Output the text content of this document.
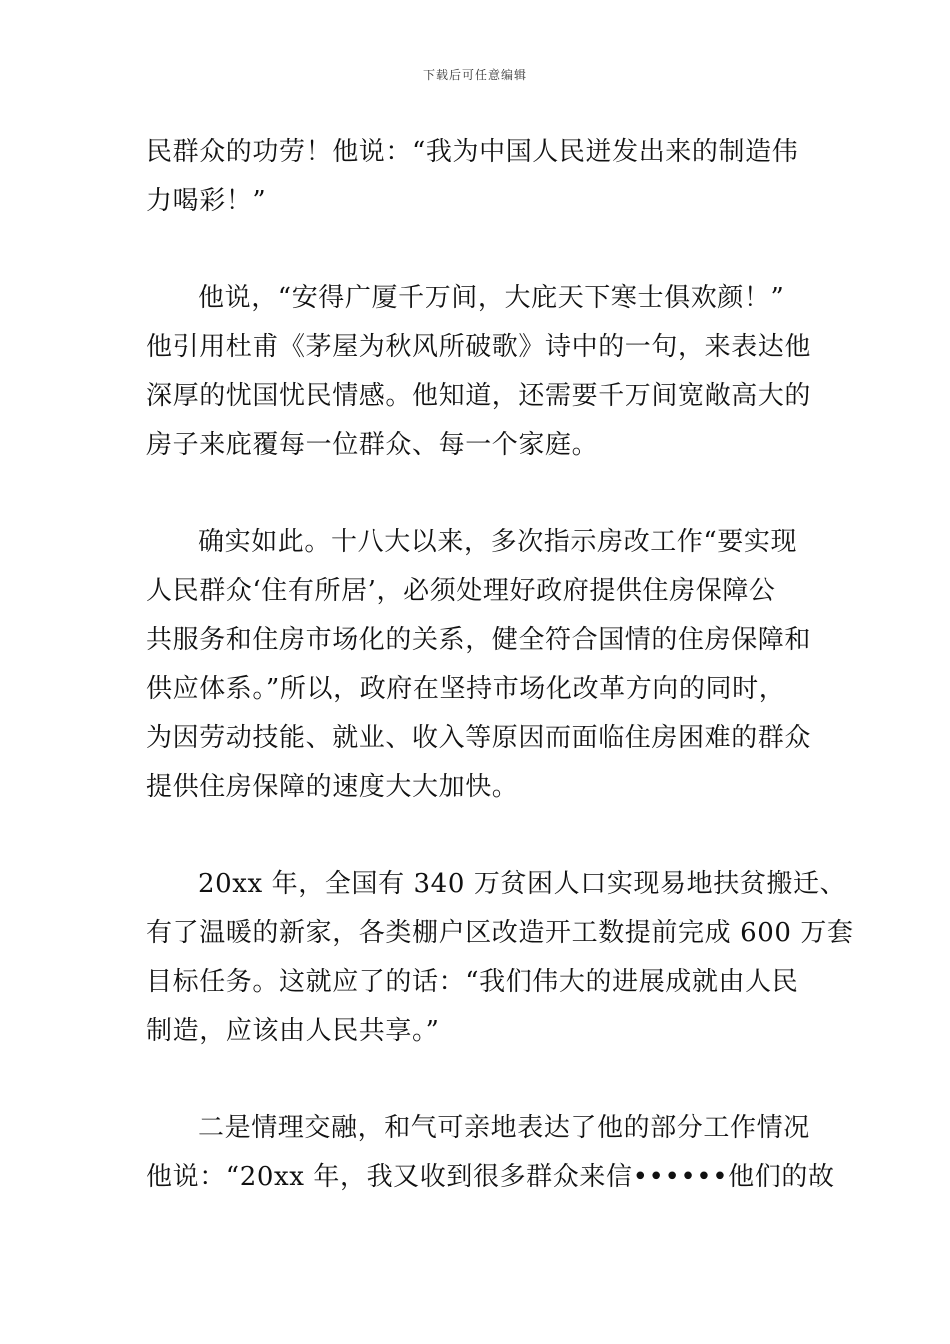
下载后可任意编辑
民群众的功劳！他说：“我为中国人民迸发出来的制造伟
力喝彩！”
他说，“安得广厦千万间，大庇天下寒士俱欢颜！”
他引用杜甫《茅屋为秋风所破歌》诗中的一句，来表达他
深厚的忧国忧民情感。他知道，还需要千万间宽敞高大的
房子来庇覆每一位群众、每一个家庭。
确实如此。十八大以来，多次指示房改工作“要实现
人民群众‘住有所居’，必须处理好政府提供住房保障公
共服务和住房市场化的关系，健全符合国情的住房保障和
供应体系。”所以，政府在坚持市场化改革方向的同时，
为因劳动技能、就业、收入等原因而面临住房困难的群众
提供住房保障的速度大大加快。
20xx 年，全国有 340 万贫困人口实现易地扶贫搬迁、
有了温暖的新家，各类棚户区改造开工数提前完成 600 万套
目标任务。这就应了的话：“我们伟大的进展成就由人民
制造，应该由人民共享。”
二是情理交融，和气可亲地表达了他的部分工作情况
他说：“20xx 年，我又收到很多群众来信••••••他们的故
